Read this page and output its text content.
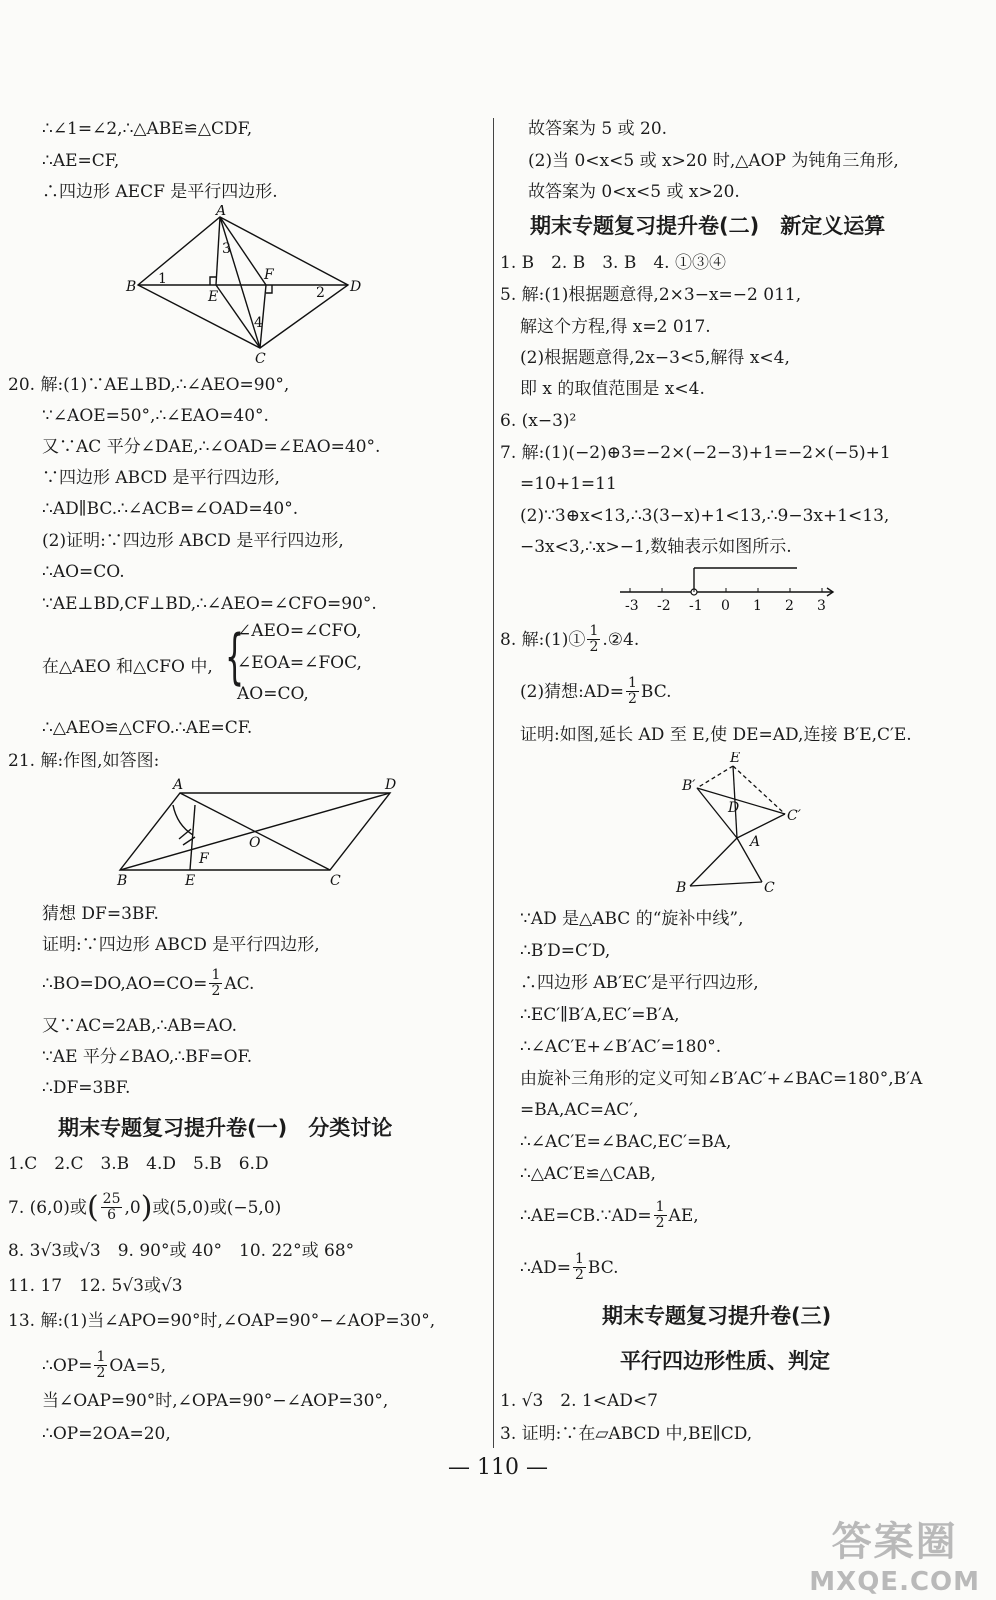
∴∠1=∠2,∴△ABE≌△CDF,
∴AE=CF,
∴四边形 AECF 是平行四边形.
20. 解:(1)∵AE⊥BD,∴∠AEO=90°,
∵∠AOE=50°,∴∠EAO=40°.
又∵AC 平分∠DAE,∴∠OAD=∠EAO=40°.
∵四边形 ABCD 是平行四边形,
∴AD∥BC.∴∠ACB=∠OAD=40°.
(2)证明:∵四边形 ABCD 是平行四边形,
∴AO=CO.
∵AE⊥BD,CF⊥BD,∴∠AEO=∠CFO=90°.
在△AEO 和△CFO 中,
∴△AEO≌△CFO.∴AE=CF.
21. 解:作图,如答图:
猜想 DF=3BF.
证明:∵四边形 ABCD 是平行四边形,
又∵AC=2AB,∴AB=AO.
∵AE 平分∠BAO,∴BF=OF.
∴DF=3BF.
1.C　2.C　3.B　4.D　5.B　6.D
8. 3√3或√3　9. 90°或 40°　10. 22°或 68°
11. 17　12. 5√3或√3
13. 解:(1)当∠APO=90°时,∠OAP=90°−∠AOP=30°,
当∠OAP=90°时,∠OPA=90°−∠AOP=30°,
∴OP=2OA=20,
故答案为 5 或 20.
(2)当 0<x<5 或 x>20 时,△AOP 为钝角三角形,
故答案为 0<x<5 或 x>20.
1. B　2. B　3. B　4. ①③④
5. 解:(1)根据题意得,2×3−x=−2 011,
解这个方程,得 x=2 017.
(2)根据题意得,2x−3<5,解得 x<4,
即 x 的取值范围是 x<4.
6. (x−3)²
7. 解:(1)(−2)⊕3=−2×(−2−3)+1=−2×(−5)+1
=10+1=11
(2)∵3⊕x<13,∴3(3−x)+1<13,∴9−3x+1<13,
−3x<3,∴x>−1,数轴表示如图所示.
证明:如图,延长 AD 至 E,使 DE=AD,连接 B′E,C′E.
∵AD 是△ABC 的“旋补中线”,
∴B′D=C′D,
∴四边形 AB′EC′是平行四边形,
∴EC′∥B′A,EC′=B′A,
∴∠AC′E+∠B′AC′=180°.
由旋补三角形的定义可知∠B′AC′+∠BAC=180°,B′A
=BA,AC=AC′,
∴∠AC′E=∠BAC,EC′=BA,
∴△AC′E≌△CAB,
1. √3　2. 1<AD<7
3. 证明:∵在▱ABCD 中,BE∥CD,
期末专题复习提升卷(一)　分类讨论
期末专题复习提升卷(二)　新定义运算
期末专题复习提升卷(三)
平行四边形性质、判定
{
∠AEO=∠CFO,
∠EOA=∠FOC,
AO=CO,
∴BO=DO,AO=CO= $\frac{1}{2}$ AC.
7. (6,0)或 ( 25
6 ,0 ) 或(5,0)或(−5,0)
∴OP= $\frac{1}{2} OA=5$,
8. 解:(1)① 1
2 .②4.
(2)猜想:AD= $\frac{1}{2}$ BC.
∴AE=CB.∵AD= $\frac{1}{2}$ AE,
∴AD= $\frac{1}{2}$ BC.
A
B	D
C
E
F
1
2
3
4
A	D
B	C
O
E
F
-3 -2 -1 0 1 2 3
E
B′
C′
D
A
B	C
— 110 —
答案圈
MXQE.COM
